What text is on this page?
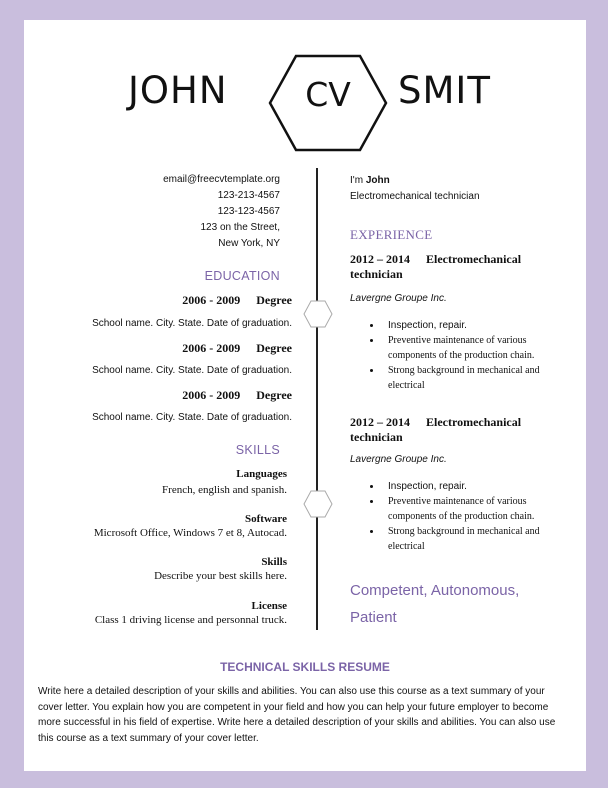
JOHN	CV	SMIT
email@freecvtemplate.org
123-213-4567
123-123-4567
123 on the Street,
New York, NY
EDUCATION
2006 - 2009 Degree
School name. City. State. Date of graduation.
2006 - 2009 Degree
School name. City. State. Date of graduation.
2006 - 2009 Degree
School name. City. State. Date of graduation.
SKILLS
Languages
French, english and spanish.
Software
Microsoft Office, Windows 7 et 8, Autocad.
Skills
Describe your best skills here.
License
Class 1 driving license and personnal truck.
I'm John
Electromechanical technician
EXPERIENCE
2012 – 2014 Electromechanical
technician
Lavergne Groupe Inc.
• Inspection, repair.
• Preventive maintenance of various components of the production chain.
• Strong background in mechanical and electrical
2012 – 2014 Electromechanical
technician
Lavergne Groupe Inc.
• Inspection, repair.
• Preventive maintenance of various components of the production chain.
• Strong background in mechanical and electrical
Competent, Autonomous,
Patient
TECHNICAL SKILLS RESUME
Write here a detailed description of your skills and abilities. You can also use this course as a text summary of your cover letter. You explain how you are competent in your field and how you can help your future employer to become more successful in his field of expertise. Write here a detailed description of your skills and abilities. You can also use this course as a text summary of your cover letter.
